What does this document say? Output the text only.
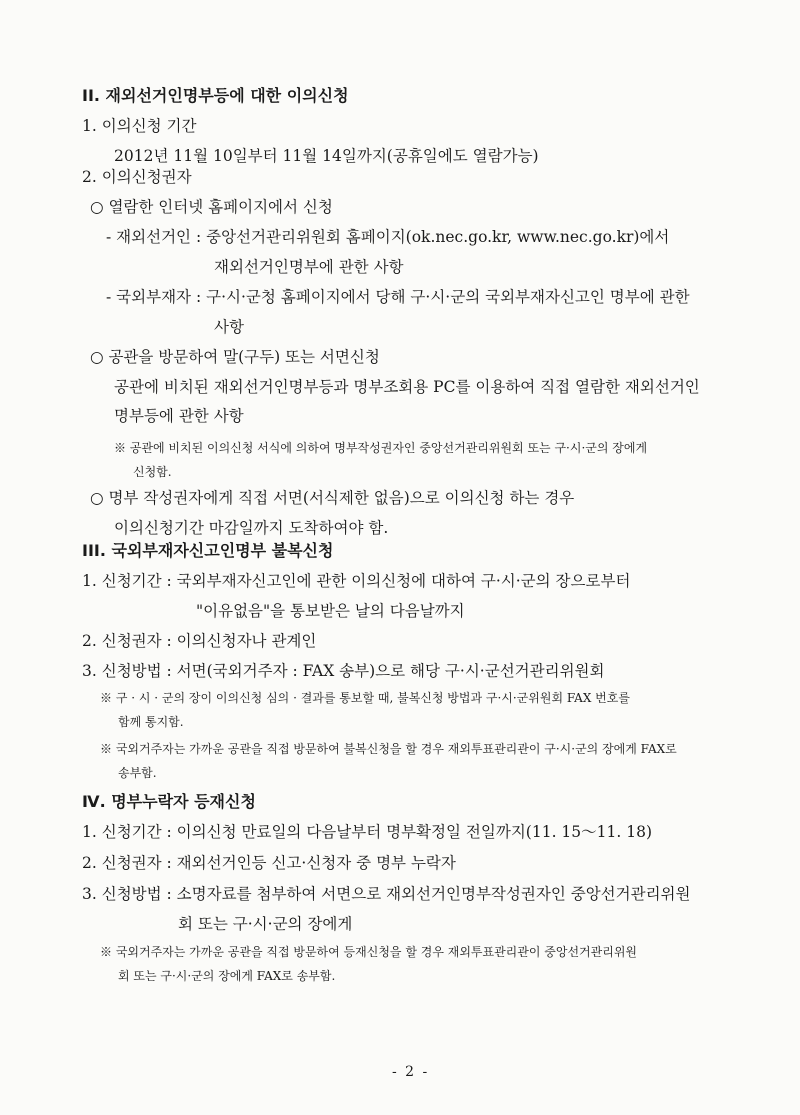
II. 재외선거인명부등에 대한 이의신청
1. 이의신청 기간
2012년 11월 10일부터 11월 14일까지(공휴일에도 열람가능)
2. 이의신청권자
○ 열람한 인터넷 홈페이지에서 신청
- 재외선거인 : 중앙선거관리위원회 홈페이지(ok.nec.go.kr, www.nec.go.kr)에서
재외선거인명부에 관한 사항
- 국외부재자 : 구·시·군청 홈페이지에서 당해 구·시·군의 국외부재자신고인 명부에 관한
사항
○ 공관을 방문하여 말(구두) 또는 서면신청
공관에 비치된 재외선거인명부등과 명부조회용 PC를 이용하여 직접 열람한 재외선거인
명부등에 관한 사항
※ 공관에 비치된 이의신청 서식에 의하여 명부작성권자인 중앙선거관리위원회 또는 구·시·군의 장에게
신청함.
○ 명부 작성권자에게 직접 서면(서식제한 없음)으로 이의신청 하는 경우
이의신청기간 마감일까지 도착하여야 함.
III. 국외부재자신고인명부 불복신청
1. 신청기간 : 국외부재자신고인에 관한 이의신청에 대하여 구·시·군의 장으로부터
"이유없음"을 통보받은 날의 다음날까지
2. 신청권자 : 이의신청자나 관계인
3. 신청방법 : 서면(국외거주자 : FAX 송부)으로 해당 구·시·군선거관리위원회
※ 구 · 시 · 군의 장이 이의신청 심의 · 결과를 통보할 때, 불복신청 방법과 구·시·군위원회 FAX 번호를
함께 통지함.
※ 국외거주자는 가까운 공관을 직접 방문하여 불복신청을 할 경우 재외투표관리관이 구·시·군의 장에게 FAX로
송부함.
Ⅳ. 명부누락자 등재신청
1. 신청기간 : 이의신청 만료일의 다음날부터 명부확정일 전일까지(11. 15～11. 18)
2. 신청권자 : 재외선거인등 신고·신청자 중 명부 누락자
3. 신청방법 : 소명자료를 첨부하여 서면으로 재외선거인명부작성권자인 중앙선거관리위원
회 또는 구·시·군의 장에게
※ 국외거주자는 가까운 공관을 직접 방문하여 등재신청을 할 경우 재외투표관리관이 중앙선거관리위원
회 또는 구·시·군의 장에게 FAX로 송부함.
- 2 -
